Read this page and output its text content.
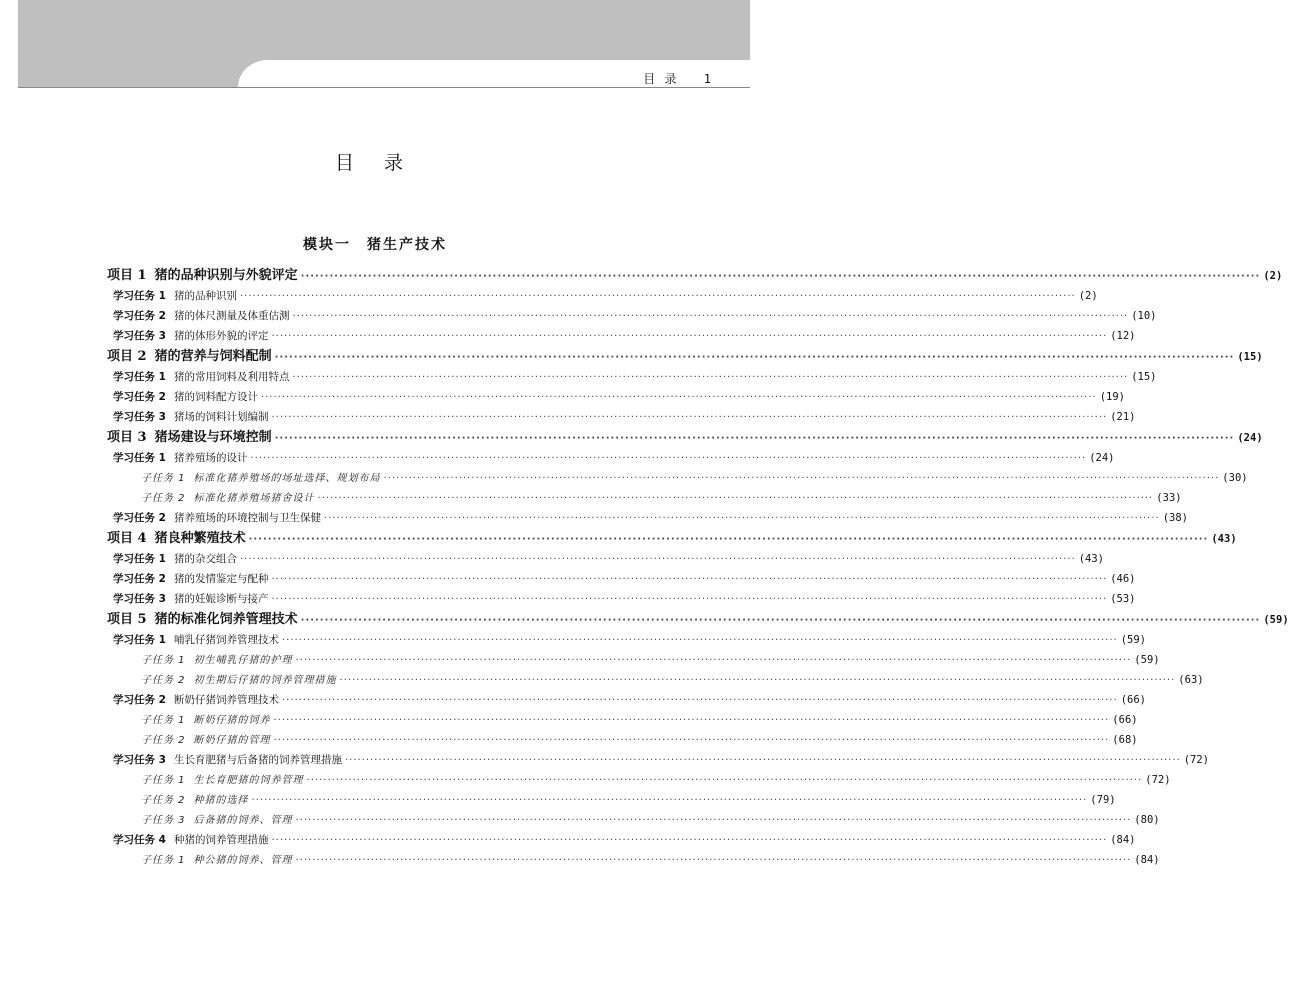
目 录 1
目 录
模块一　猪生产技术
项目 1 猪的品种识别与外貌评定 ········································································································································································································ (2)
学习任务 1 猪的品种识别 ········································································································································································································ (2)
学习任务 2 猪的体尺测量及体重估测 ········································································································································································································ (10)
学习任务 3 猪的体形外貌的评定 ········································································································································································································ (12)
项目 2 猪的营养与饲料配制 ········································································································································································································ (15)
学习任务 1 猪的常用饲料及利用特点 ········································································································································································································ (15)
学习任务 2 猪的饲料配方设计 ········································································································································································································ (19)
学习任务 3 猪场的饲料计划编制 ········································································································································································································ (21)
项目 3 猪场建设与环境控制 ········································································································································································································ (24)
学习任务 1 猪养殖场的设计 ········································································································································································································ (24)
子任务 1 标准化猪养殖场的场址选择、规划布局 ········································································································································································································ (30)
子任务 2 标准化猪养殖场猪舍设计 ········································································································································································································ (33)
学习任务 2 猪养殖场的环境控制与卫生保健 ········································································································································································································ (38)
项目 4 猪良种繁殖技术 ········································································································································································································ (43)
学习任务 1 猪的杂交组合 ········································································································································································································ (43)
学习任务 2 猪的发情鉴定与配种 ········································································································································································································ (46)
学习任务 3 猪的妊娠诊断与接产 ········································································································································································································ (53)
项目 5 猪的标准化饲养管理技术 ········································································································································································································ (59)
学习任务 1 哺乳仔猪饲养管理技术 ········································································································································································································ (59)
子任务 1 初生哺乳仔猪的护理 ········································································································································································································ (59)
子任务 2 初生期后仔猪的饲养管理措施 ········································································································································································································ (63)
学习任务 2 断奶仔猪饲养管理技术 ········································································································································································································ (66)
子任务 1 断奶仔猪的饲养 ········································································································································································································ (66)
子任务 2 断奶仔猪的管理 ········································································································································································································ (68)
学习任务 3 生长育肥猪与后备猪的饲养管理措施 ········································································································································································································ (72)
子任务 1 生长育肥猪的饲养管理 ········································································································································································································ (72)
子任务 2 种猪的选择 ········································································································································································································ (79)
子任务 3 后备猪的饲养、管理 ········································································································································································································ (80)
学习任务 4 种猪的饲养管理措施 ········································································································································································································ (84)
子任务 1 种公猪的饲养、管理 ········································································································································································································ (84)
